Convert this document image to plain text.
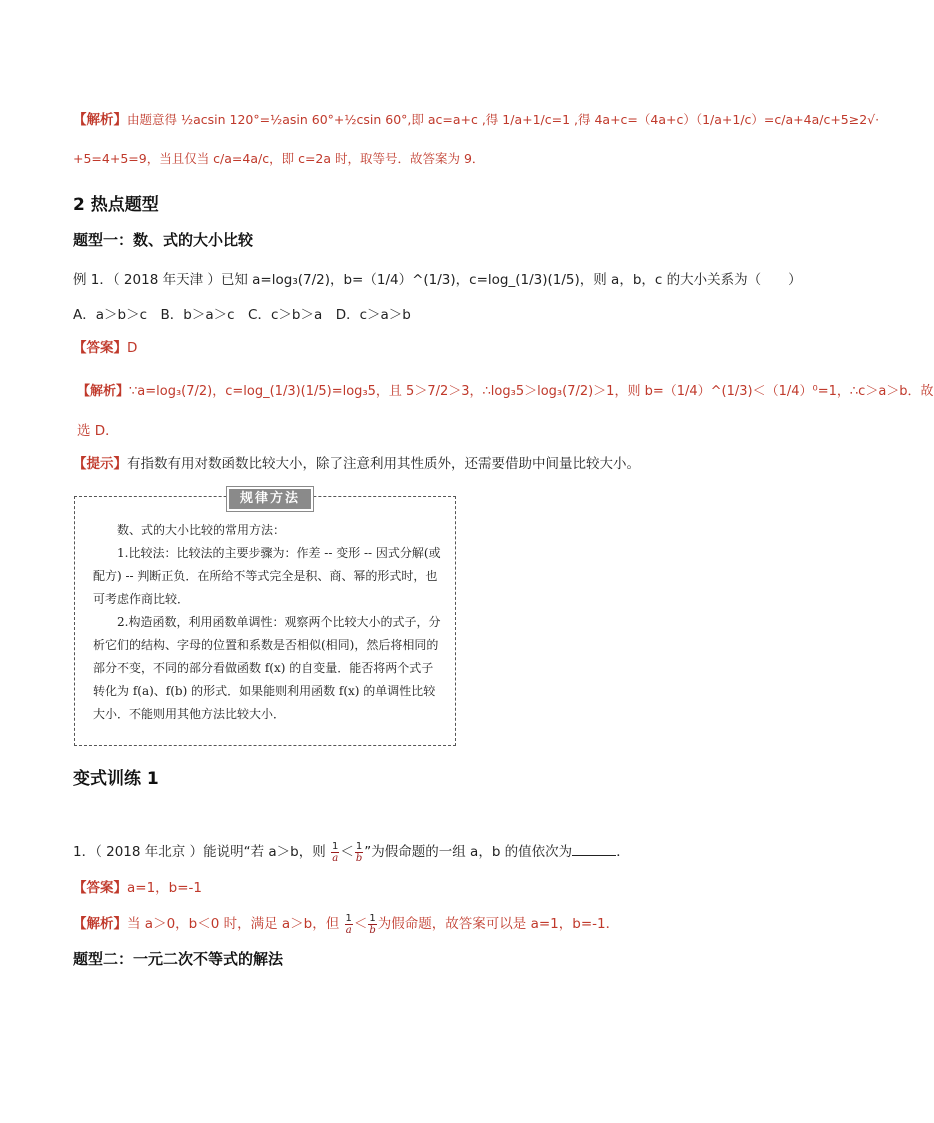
【解析】由题意得 ½acsin 120°=½asin 60°+½csin 60°,即 ac=a+c ,得 1/a+1/c=1 ,得 4a+c=（4a+c）（1/a+1/c）=c/a+4a/c+5≥2√·
+5=4+5=9，当且仅当 c/a=4a/c，即 c=2a 时，取等号．故答案为 9．
2 热点题型
题型一：数、式的大小比较
例 1．（ 2018 年天津 ）已知 a=log₃(7/2)，b=（1/4）^(1/3)，c=log_(1/3)(1/5)，则 a，b，c 的大小关系为（　　）
A．a＞b＞c　B．b＞a＞c　C．c＞b＞a　D．c＞a＞b
【答案】D
【解析】∵a=log₃(7/2)，c=log_(1/3)(1/5)=log₃5，且 5＞7/2＞3，∴log₃5＞log₃(7/2)＞1，则 b=（1/4）^(1/3)＜（1/4）⁰=1，∴c＞a＞b．故
选 D．
【提示】有指数有用对数函数比较大小，除了注意利用其性质外，还需要借助中间量比较大小。
规律方法

数、式的大小比较的常用方法：

1.比较法：比较法的主要步骤为：作差 -- 变形 -- 因式分解(或配方) -- 判断正负．在所给不等式完全是积、商、幂的形式时，也可考虑作商比较．

2.构造函数，利用函数单调性：观察两个比较大小的式子，分析它们的结构、字母的位置和系数是否相似(相同)，然后将相同的部分不变，不同的部分看做函数 f(x) 的自变量．能否将两个式子转化为 f(a)、f(b) 的形式．如果能则利用函数 f(x) 的单调性比较大小．不能则用其他方法比较大小．

变式训练 1
1．（ 2018 年北京 ）能说明“若 a＞b，则 $\frac{1}{a} < \frac{1}{b}$ ”为假命题的一组 a，b 的值依次为	．
【答案】a=1，b=-1
【解析】当 a＞0，b＜0 时，满足 a＞b，但 $\frac{1}{a} < \frac{1}{b}$ 为假命题，故答案可以是 a=1，b=-1．
题型二：一元二次不等式的解法
